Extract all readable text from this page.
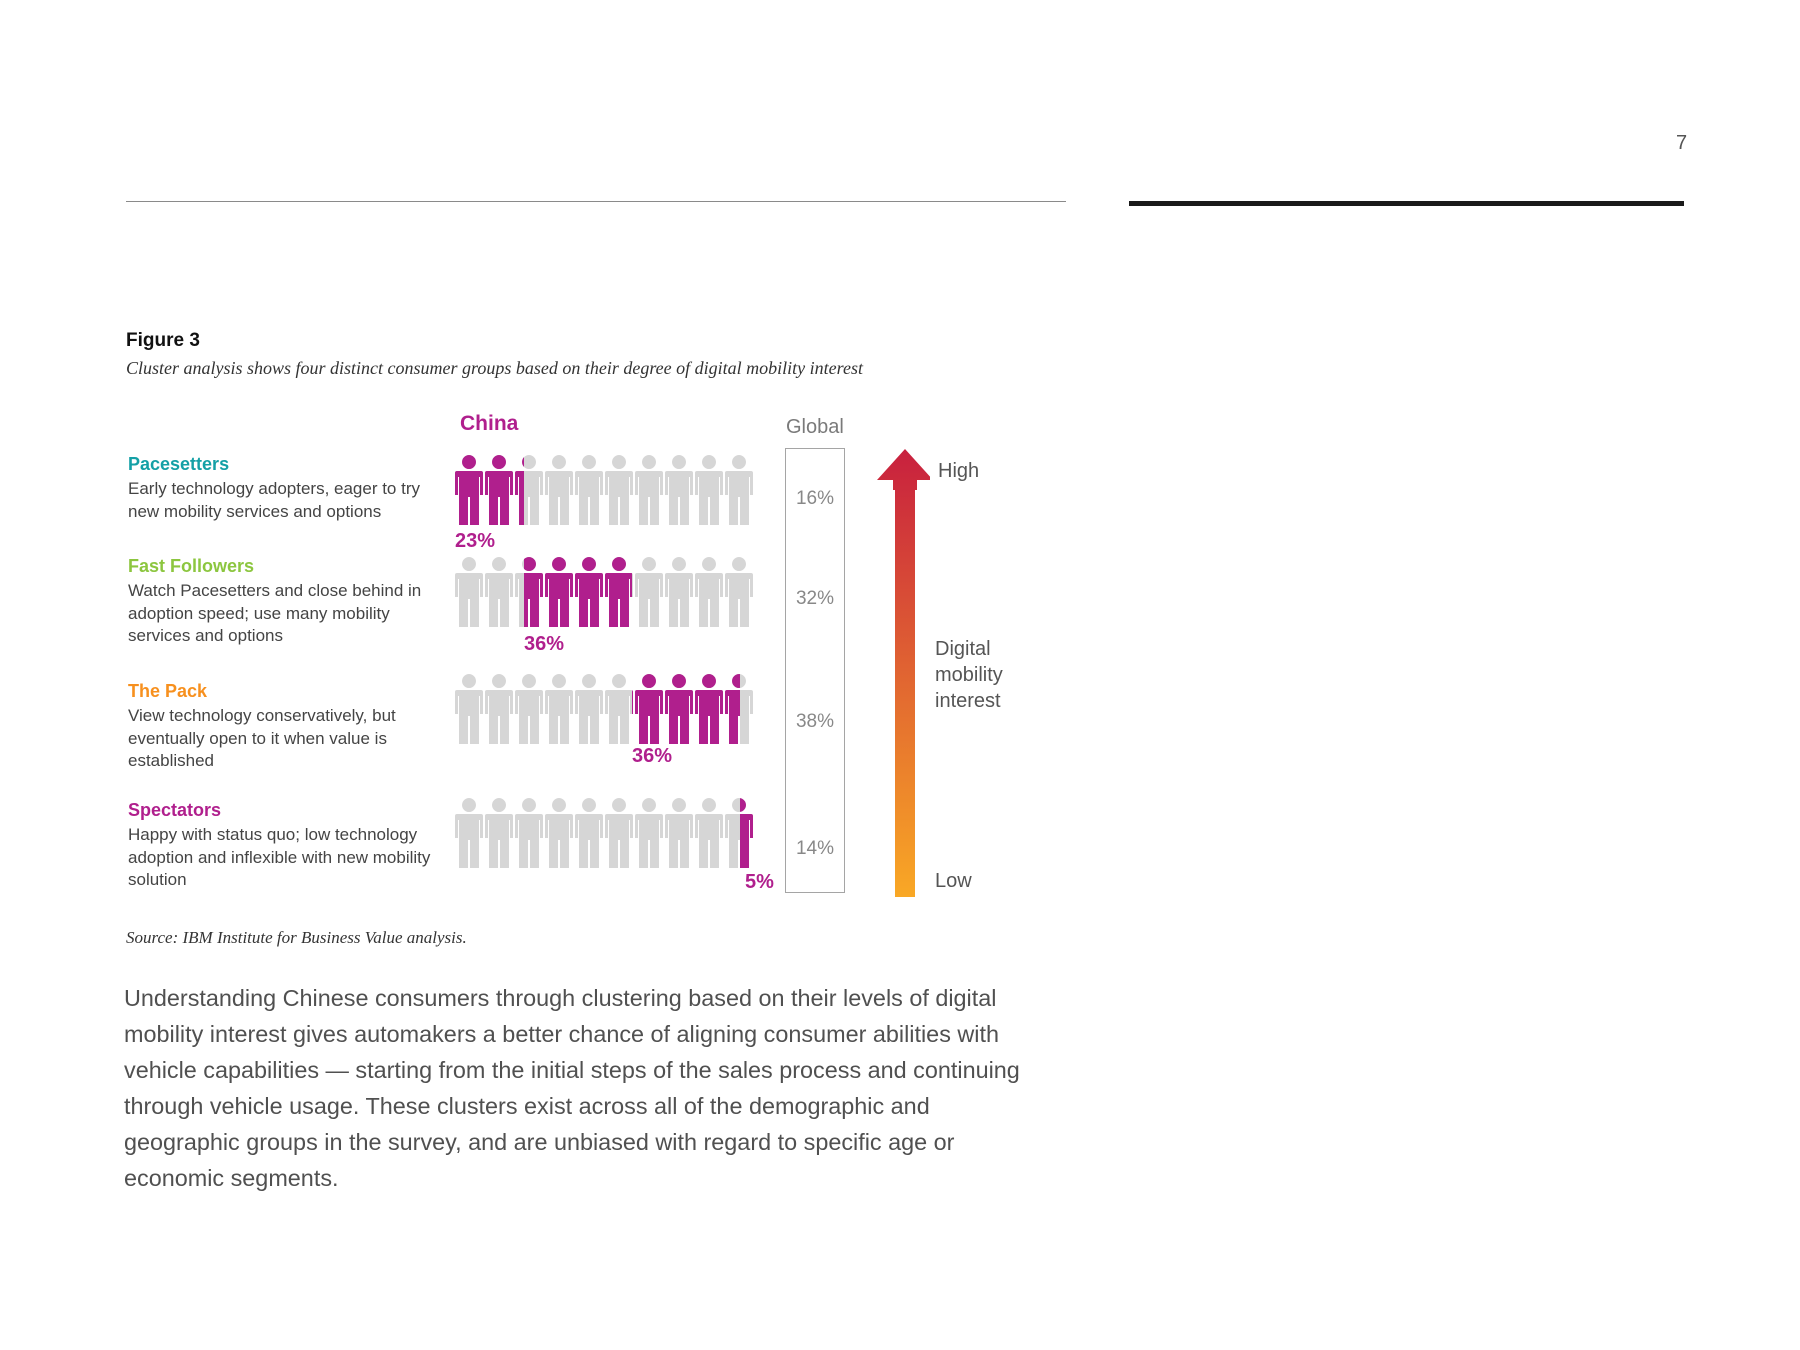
7
Figure 3
Cluster analysis shows four distinct consumer groups based on their degree of digital mobility interest
China	Global
Pacesetters
Early technology adopters, eager to try new mobility services and options
Fast Followers
Watch Pacesetters and close behind in adoption speed; use many mobility services and options
The Pack
View technology conservatively, but eventually open to it when value is established
Spectators
Happy with status quo; low technology adoption and inflexible with new mobility solution
23%
36%
36%
5%
16%
32%
38%
14%
High
Digital mobility interest
Low
Source: IBM Institute for Business Value analysis.
Understanding Chinese consumers through clustering based on their levels of digital mobility interest gives automakers a better chance of aligning consumer abilities with vehicle capabilities — starting from the initial steps of the sales process and continuing through vehicle usage. These clusters exist across all of the demographic and geographic groups in the survey, and are unbiased with regard to specific age or economic segments.
